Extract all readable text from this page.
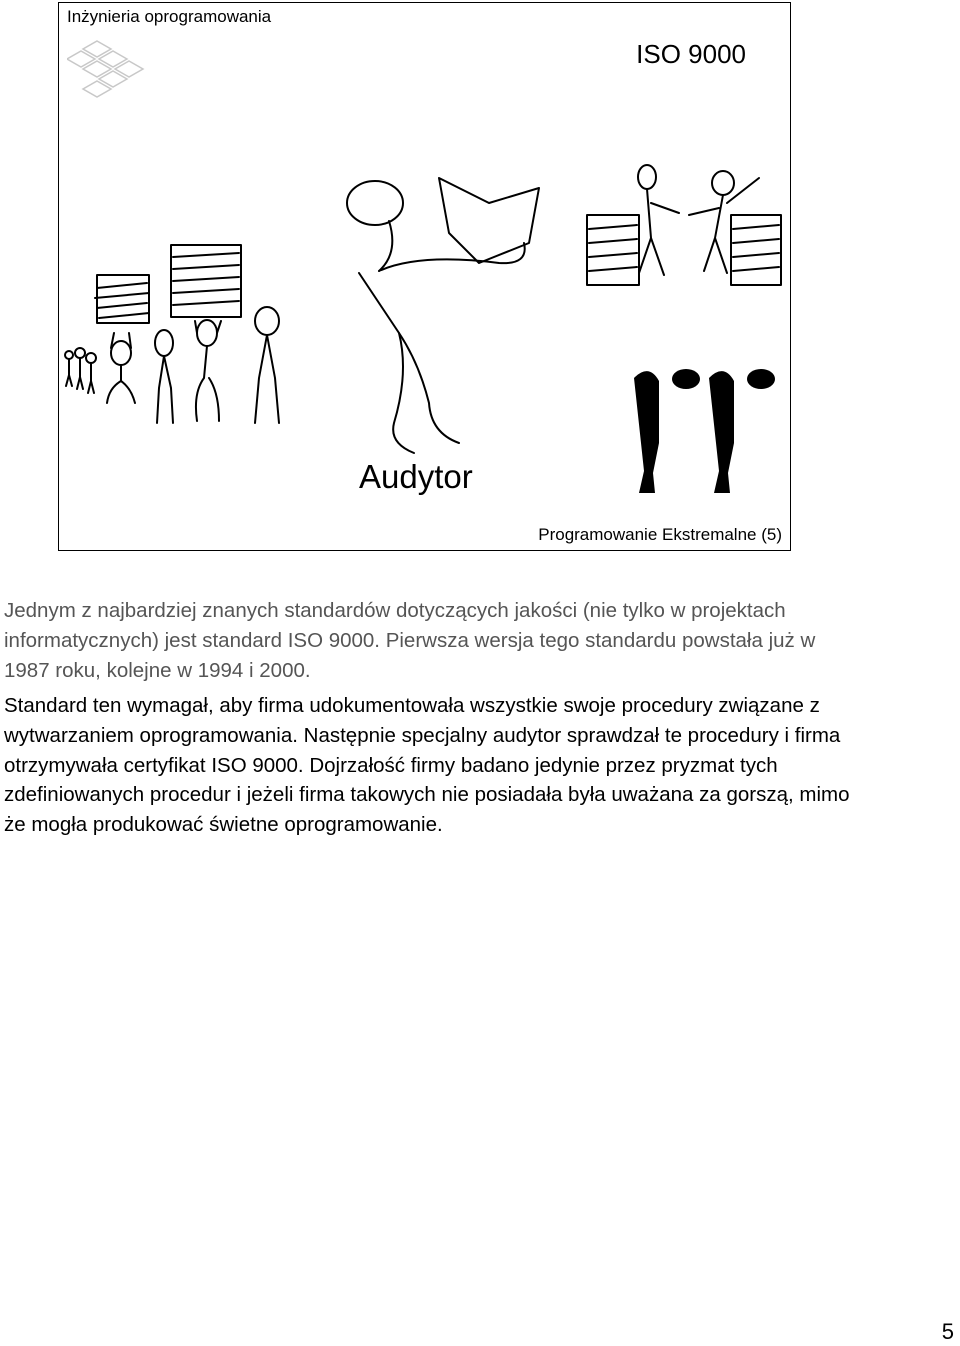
Inżynieria oprogramowania
ISO 9000
Audytor
Programowanie Ekstremalne (5)

Jednym z najbardziej znanych standardów dotyczących jakości (nie tylko w projektach informatycznych) jest standard ISO 9000. Pierwsza wersja tego standardu powstała już w 1987 roku, kolejne w 1994 i 2000.

Standard ten wymagał, aby firma udokumentowała wszystkie swoje procedury związane z wytwarzaniem oprogramowania. Następnie specjalny audytor sprawdzał te procedury i firma otrzymywała certyfikat ISO 9000. Dojrzałość firmy badano jedynie przez pryzmat tych zdefiniowanych procedur i jeżeli firma takowych nie posiadała była uważana za gorszą, mimo że mogła produkować świetne oprogramowanie.

5
